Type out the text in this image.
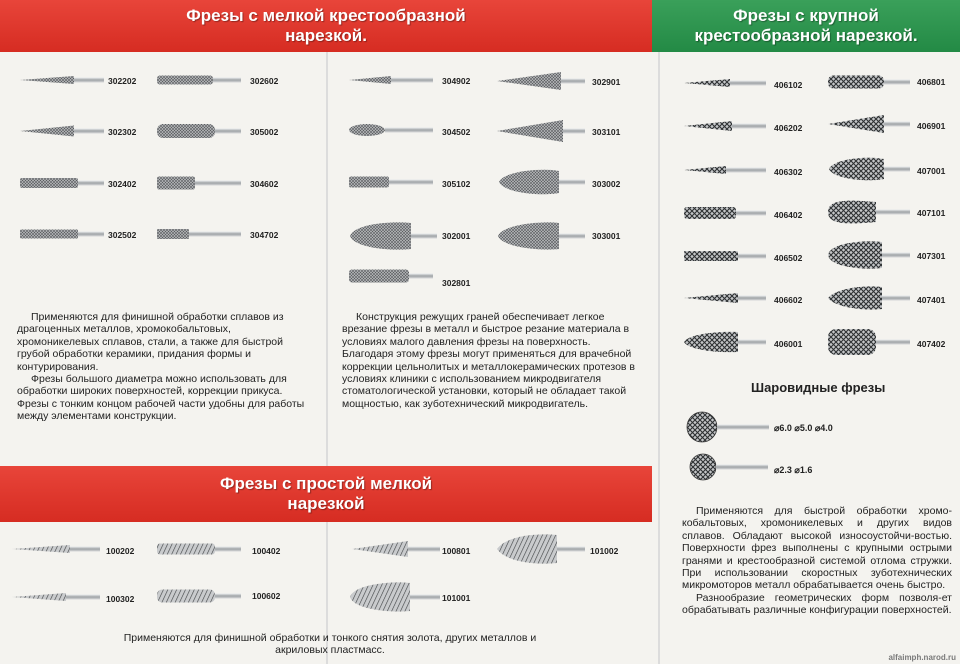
Фрезы с мелкой крестообразной
нарезкой.
Фрезы с крупной
крестообразной нарезкой.
302202	302602
302302	305002
302402	304602
302502	304702

Применяются для финишной обработки сплавов из драгоценных металлов, хромокобальтовых, хромоникелевых сплавов, стали, а также для быстрой грубой обработки керамики, придания формы и контурирования.

Фрезы большого диаметра можно использовать для обработки широких поверхностей, коррекции прикуса. Фрезы с тонким концом рабочей части удобны для работы между элементами конструкции.

304902	302901
304502	303101
305102	303002
302001	303001
302801

Конструкция режущих граней обеспечивает легкое врезание фрезы в металл и быстрое резание материала в условиях малого давления фрезы на поверхность. Благодаря этому фрезы могут применяться для врачебной коррекции цельнолитых и металлокерамических протезов в условиях клиники с использованием микродвигателя стоматологической установки, который не обладает такой мощностью, как зуботехнический микродвигатель.

406102	406801
406202	406901
406302	407001
406402	407101
406502	407301
406602	407401
406001	407402
Шаровидные фрезы
⌀6.0 ⌀5.0 ⌀4.0
⌀2.3 ⌀1.6

Применяются для быстрой обработки хромо-кобальтовых, хромоникелевых и других видов сплавов. Обладают высокой износоустойчи-востью. Поверхности фрез выполнены с крупными острыми гранями и крестообразной системой отлома стружки. При использовании скоростных зуботехнических микромоторов металл обрабатывается очень быстро.

Разнообразие геометрических форм позволя-ет обрабатывать различные конфигурации поверхностей.

Фрезы с простой мелкой
нарезкой
100202	100402	100801	101002
100302	100602	101001

Применяются для финишной обработки и тонкого снятия золота, других металлов и акриловых пластмасс.

alfaimph.narod.ru
